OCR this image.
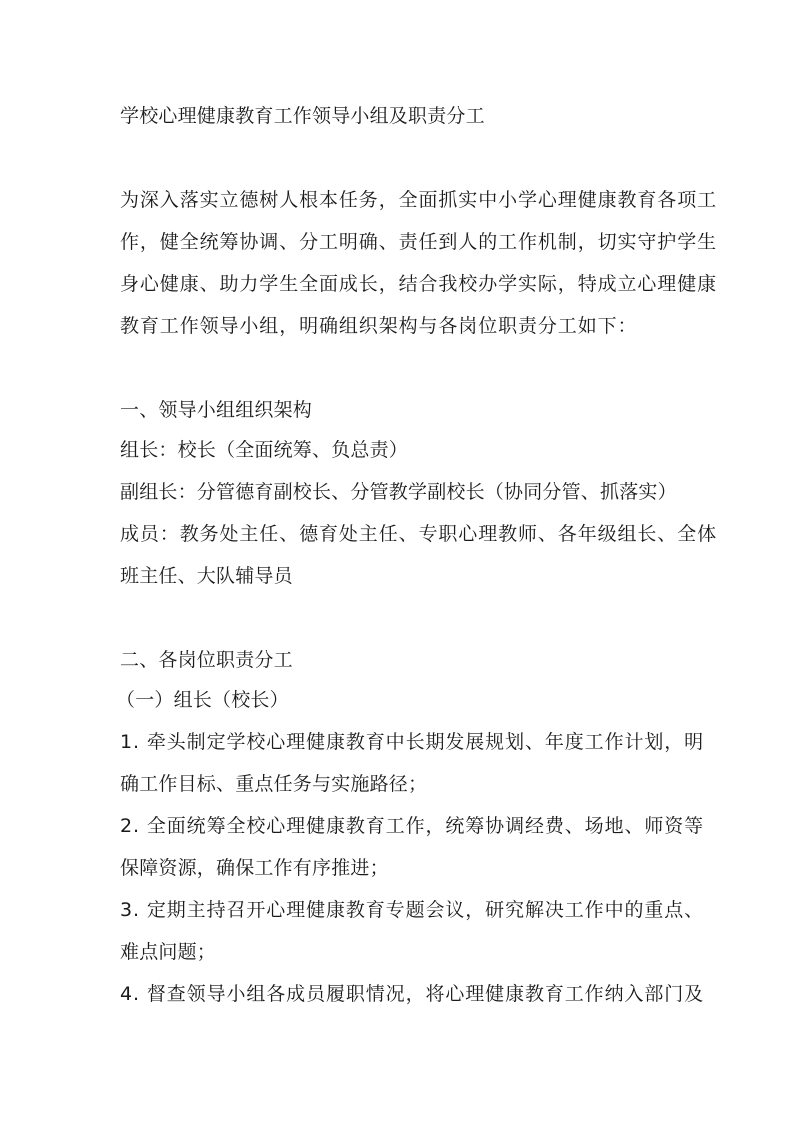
学校心理健康教育工作领导小组及职责分工
为深入落实立德树人根本任务，全面抓实中小学心理健康教育各项工
作，健全统筹协调、分工明确、责任到人的工作机制，切实守护学生
身心健康、助力学生全面成长，结合我校办学实际，特成立心理健康
教育工作领导小组，明确组织架构与各岗位职责分工如下：
一、领导小组组织架构
组长：校长（全面统筹、负总责）
副组长：分管德育副校长、分管教学副校长（协同分管、抓落实）
成员：教务处主任、德育处主任、专职心理教师、各年级组长、全体
班主任、大队辅导员
二、各岗位职责分工
（一）组长（校长）
1. 牵头制定学校心理健康教育中长期发展规划、年度工作计划，明
确工作目标、重点任务与实施路径；
2. 全面统筹全校心理健康教育工作，统筹协调经费、场地、师资等
保障资源，确保工作有序推进；
3. 定期主持召开心理健康教育专题会议，研究解决工作中的重点、
难点问题；
4. 督查领导小组各成员履职情况，将心理健康教育工作纳入部门及
